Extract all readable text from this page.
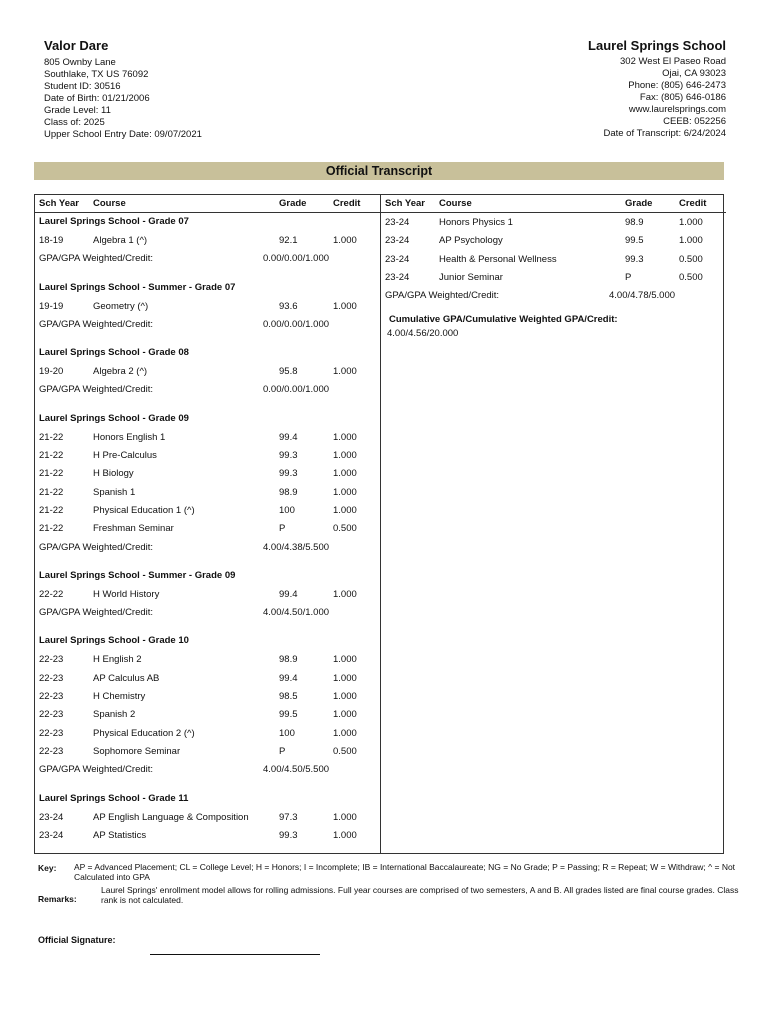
Valor Dare
805 Ownby Lane
Southlake, TX US 76092
Student ID: 30516
Date of Birth: 01/21/2006
Grade Level: 11
Class of: 2025
Upper School Entry Date: 09/07/2021
Laurel Springs School
302 West El Paseo Road
Ojai, CA 93023
Phone: (805) 646-2473
Fax: (805) 646-0186
www.laurelsprings.com
CEEB: 052256
Date of Transcript: 6/24/2024
Official Transcript
Sch Year Course	Grade	Credit
Laurel Springs School - Grade 07
18-19	Algebra 1 (^)	92.1	1.000
GPA/GPA Weighted/Credit:	0.00/0.00/1.000
Laurel Springs School - Summer - Grade 07
19-19	Geometry (^)	93.6	1.000
GPA/GPA Weighted/Credit:	0.00/0.00/1.000
Laurel Springs School - Grade 08
19-20	Algebra 2 (^)	95.8	1.000
GPA/GPA Weighted/Credit:	0.00/0.00/1.000
Laurel Springs School - Grade 09
21-22	Honors English 1	99.4	1.000
21-22	H Pre-Calculus	99.3	1.000
21-22	H Biology	99.3	1.000
21-22	Spanish 1	98.9	1.000
21-22	Physical Education 1 (^)	100	1.000
21-22	Freshman Seminar	P	0.500
GPA/GPA Weighted/Credit:	4.00/4.38/5.500
Laurel Springs School - Summer - Grade 09
22-22	H World History	99.4	1.000
GPA/GPA Weighted/Credit:	4.00/4.50/1.000
Laurel Springs School - Grade 10
22-23	H English 2	98.9	1.000
22-23	AP Calculus AB	99.4	1.000
22-23	H Chemistry	98.5	1.000
22-23	Spanish 2	99.5	1.000
22-23	Physical Education 2 (^)	100	1.000
22-23	Sophomore Seminar	P	0.500
GPA/GPA Weighted/Credit:	4.00/4.50/5.500
Laurel Springs School - Grade 11
23-24	AP English Language & Composition	97.3	1.000
23-24	AP Statistics	99.3	1.000
Sch Year Course	Grade	Credit
23-24	Honors Physics 1	98.9	1.000
23-24	AP Psychology	99.5	1.000
23-24	Health & Personal Wellness	99.3	0.500
23-24	Junior Seminar	P	0.500
GPA/GPA Weighted/Credit:	4.00/4.78/5.000
Cumulative GPA/Cumulative Weighted GPA/Credit:
4.00/4.56/20.000
Key: AP = Advanced Placement; CL = College Level; H = Honors; I = Incomplete; IB = International Baccalaureate; NG = No Grade; P = Passing; R = Repeat; W = Withdraw; ^ = Not Calculated into GPA
Remarks:
Laurel Springs' enrollment model allows for rolling admissions. Full year courses are comprised of two semesters, A and B. All grades listed are final course grades. Class rank is not calculated.
Official Signature:
